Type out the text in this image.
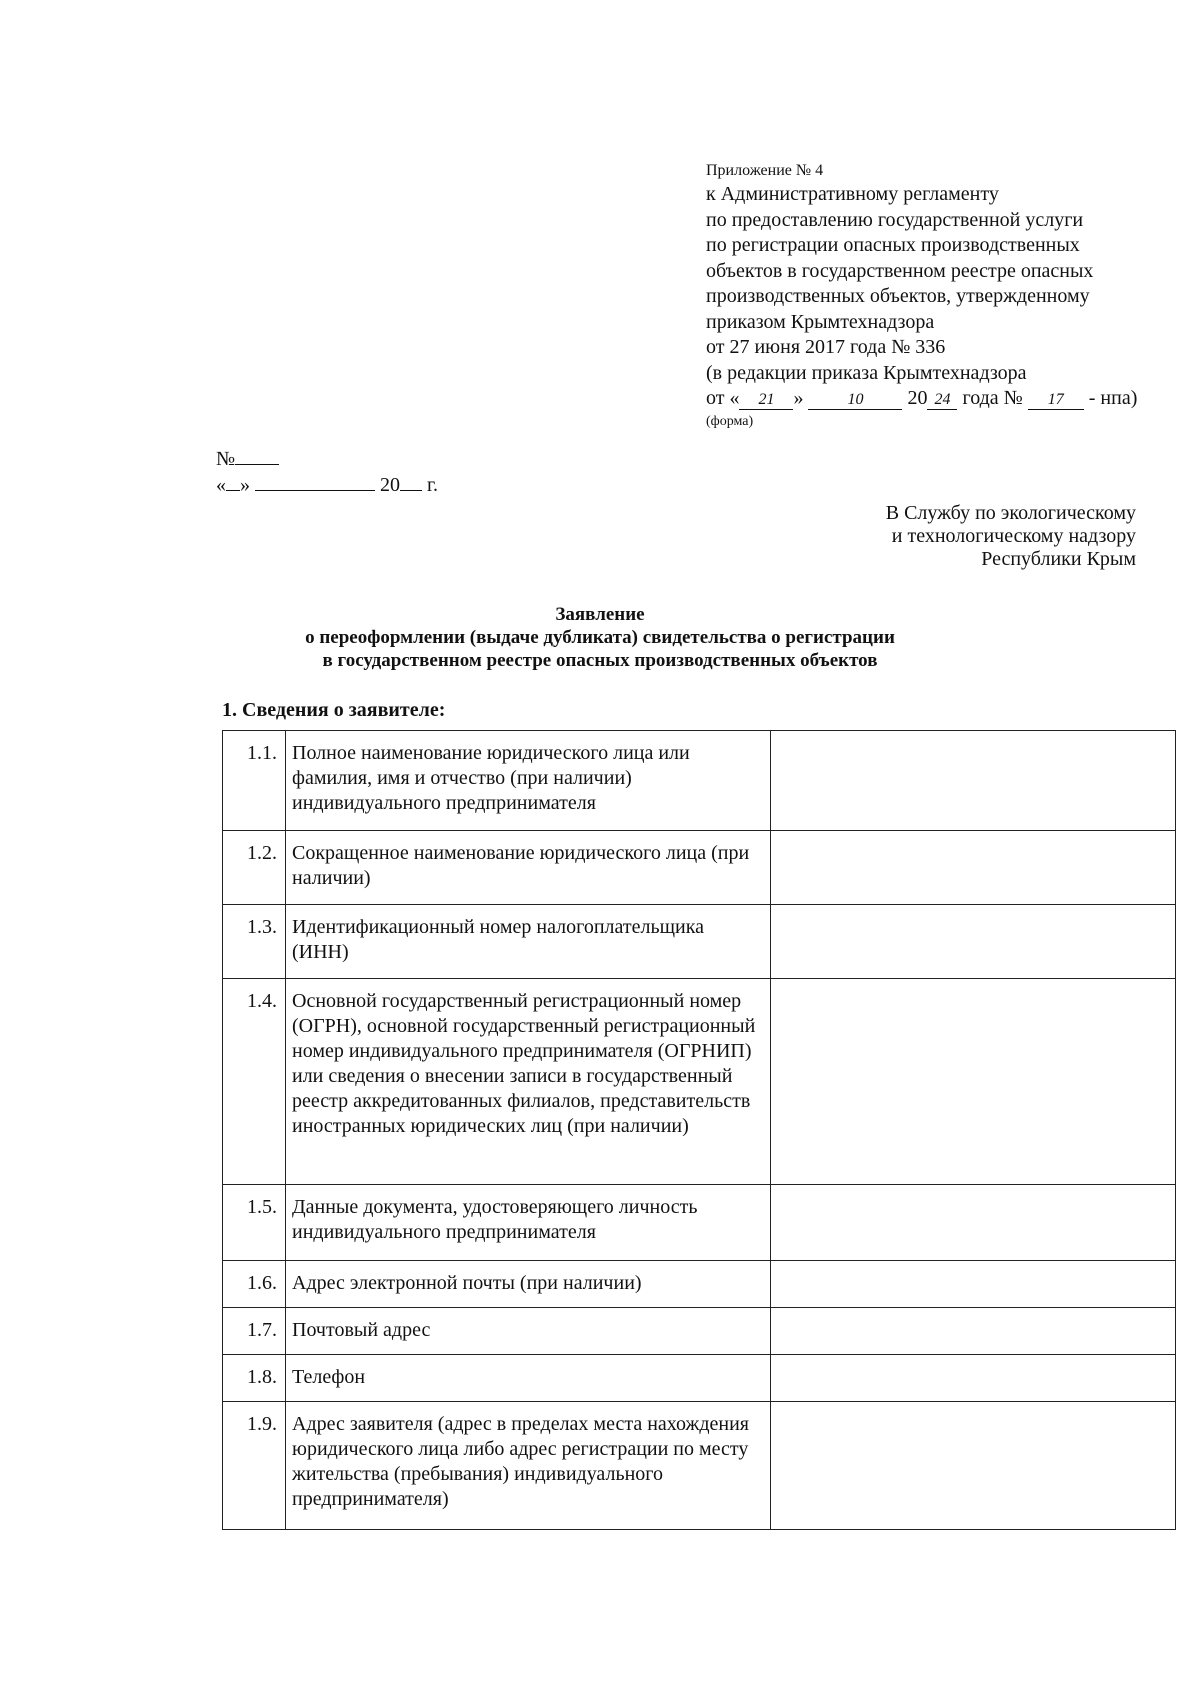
Приложение № 4
к Административному регламенту
по предоставлению государственной услуги
по регистрации опасных производственных
объектов в государственном реестре опасных
производственных объектов, утвержденному
приказом Крымтехнадзора
от 27 июня 2017 года № 336
(в редакции приказа Крымтехнадзора
от « 21 »	10 20 24 года № 17 - нпа)
(форма)
№
« »	20 г.
В Службу по экологическому
и технологическому надзору
Республики Крым
Заявление
о переоформлении (выдаче дубликата) свидетельства о регистрации
в государственном реестре опасных производственных объектов
1. Сведения о заявителе:
1.1.	Полное наименование юридического лица или фамилия, имя и отчество (при наличии) индивидуального предпринимателя	
1.2.	Сокращенное наименование юридического лица (при наличии)	
1.3.	Идентификационный номер налогоплательщика (ИНН)	
1.4.	Основной государственный регистрационный номер (ОГРН), основной государственный регистрационный номер индивидуального предпринимателя (ОГРНИП) или сведения о внесении записи в государственный реестр аккредитованных филиалов, представительств иностранных юридических лиц (при наличии)	
1.5.	Данные документа, удостоверяющего личность индивидуального предпринимателя	
1.6.	Адрес электронной почты (при наличии)	
1.7.	Почтовый адрес	
1.8.	Телефон	
1.9.	Адрес заявителя (адрес в пределах места нахождения юридического лица либо адрес регистрации по месту жительства (пребывания) индивидуального предпринимателя)	
